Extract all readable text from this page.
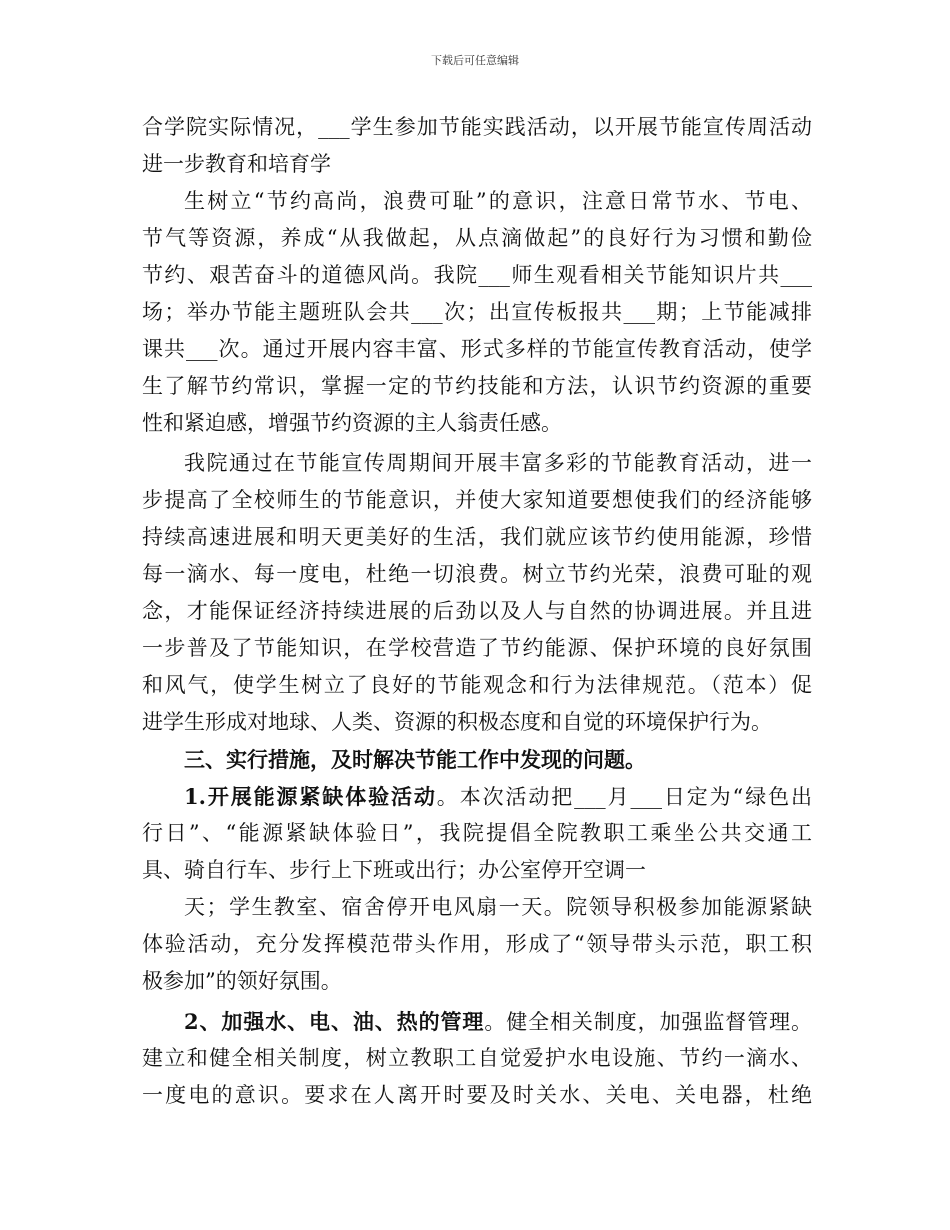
下载后可任意编辑
合学院实际情况，___学生参加节能实践活动，以开展节能宣传周活动
进一步教育和培育学
生树立“节约高尚，浪费可耻”的意识，注意日常节水、节电、
节气等资源，养成“从我做起，从点滴做起”的良好行为习惯和勤俭
节约、艰苦奋斗的道德风尚。我院___师生观看相关节能知识片共___
场；举办节能主题班队会共___次；出宣传板报共___期；上节能减排
课共___次。通过开展内容丰富、形式多样的节能宣传教育活动，使学
生了解节约常识，掌握一定的节约技能和方法，认识节约资源的重要
性和紧迫感，增强节约资源的主人翁责任感。
我院通过在节能宣传周期间开展丰富多彩的节能教育活动，进一
步提高了全校师生的节能意识，并使大家知道要想使我们的经济能够
持续高速进展和明天更美好的生活，我们就应该节约使用能源，珍惜
每一滴水、每一度电，杜绝一切浪费。树立节约光荣，浪费可耻的观
念，才能保证经济持续进展的后劲以及人与自然的协调进展。并且进
一步普及了节能知识，在学校营造了节约能源、保护环境的良好氛围
和风气，使学生树立了良好的节能观念和行为法律规范。（范本）促
进学生形成对地球、人类、资源的积极态度和自觉的环境保护行为。
三、实行措施，及时解决节能工作中发现的问题。
1.开展能源紧缺体验活动。本次活动把___月___日定为“绿色出
行日”、“能源紧缺体验日”，我院提倡全院教职工乘坐公共交通工
具、骑自行车、步行上下班或出行；办公室停开空调一
天；学生教室、宿舍停开电风扇一天。院领导积极参加能源紧缺
体验活动，充分发挥模范带头作用，形成了“领导带头示范，职工积
极参加”的领好氛围。
2、加强水、电、油、热的管理。健全相关制度，加强监督管理。
建立和健全相关制度，树立教职工自觉爱护水电设施、节约一滴水、
一度电的意识。要求在人离开时要及时关水、关电、关电器，杜绝
